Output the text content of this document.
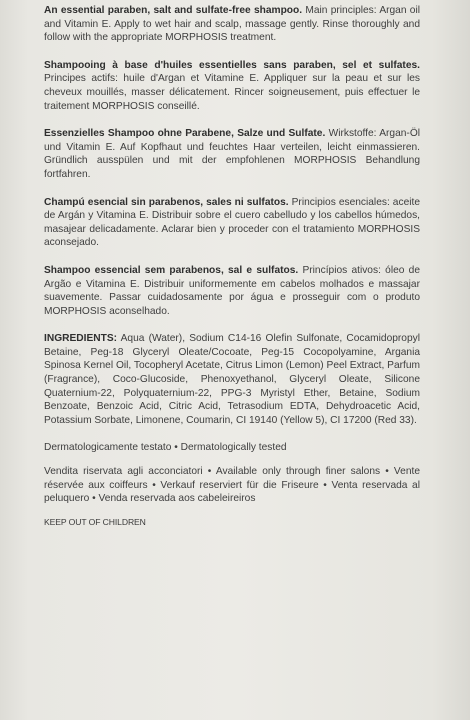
An essential paraben, salt and sulfate-free shampoo. Main principles: Argan oil and Vitamin E. Apply to wet hair and scalp, massage gently. Rinse thoroughly and follow with the appropriate MORPHOSIS treatment.

Shampooing à base d'huiles essentielles sans paraben, sel et sulfates. Principes actifs: huile d'Argan et Vitamine E. Appliquer sur la peau et sur les cheveux mouillés, masser délicatement. Rincer soigneusement, puis effectuer le traitement MORPHOSIS conseillé.

Essenzielles Shampoo ohne Parabene, Salze und Sulfate. Wirkstoffe: Argan-Öl und Vitamin E. Auf Kopfhaut und feuchtes Haar verteilen, leicht einmassieren. Gründlich ausspülen und mit der empfohlenen MORPHOSIS Behandlung fortfahren.

Champú esencial sin parabenos, sales ni sulfatos. Principios esenciales: aceite de Argán y Vitamina E. Distribuir sobre el cuero cabelludo y los cabellos húmedos, masajear delicadamente. Aclarar bien y proceder con el tratamiento MORPHOSIS aconsejado.

Shampoo essencial sem parabenos, sal e sulfatos. Princípios ativos: óleo de Argão e Vitamina E. Distribuir uniformemente em cabelos molhados e massajar suavemente. Passar cuidadosamente por água e prosseguir com o produto MORPHOSIS aconselhado.

INGREDIENTS: Aqua (Water), Sodium C14-16 Olefin Sulfonate, Cocamidopropyl Betaine, Peg-18 Glyceryl Oleate/Cocoate, Peg-15 Cocopolyamine, Argania Spinosa Kernel Oil, Tocopheryl Acetate, Citrus Limon (Lemon) Peel Extract, Parfum (Fragrance), Coco-Glucoside, Phenoxyethanol, Glyceryl Oleate, Silicone Quaternium-22, Polyquaternium-22, PPG-3 Myristyl Ether, Betaine, Sodium Benzoate, Benzoic Acid, Citric Acid, Tetrasodium EDTA, Dehydroacetic Acid, Potassium Sorbate, Limonene, Coumarin, CI 19140 (Yellow 5), CI 17200 (Red 33).

Dermatologicamente testato • Dermatologically tested

Vendita riservata agli acconciatori • Available only through finer salons • Vente réservée aux coiffeurs • Verkauf reserviert für die Friseure • Venta reservada al peluquero • Venda reservada aos cabeleireiros

KEEP OUT OF CHILDREN
